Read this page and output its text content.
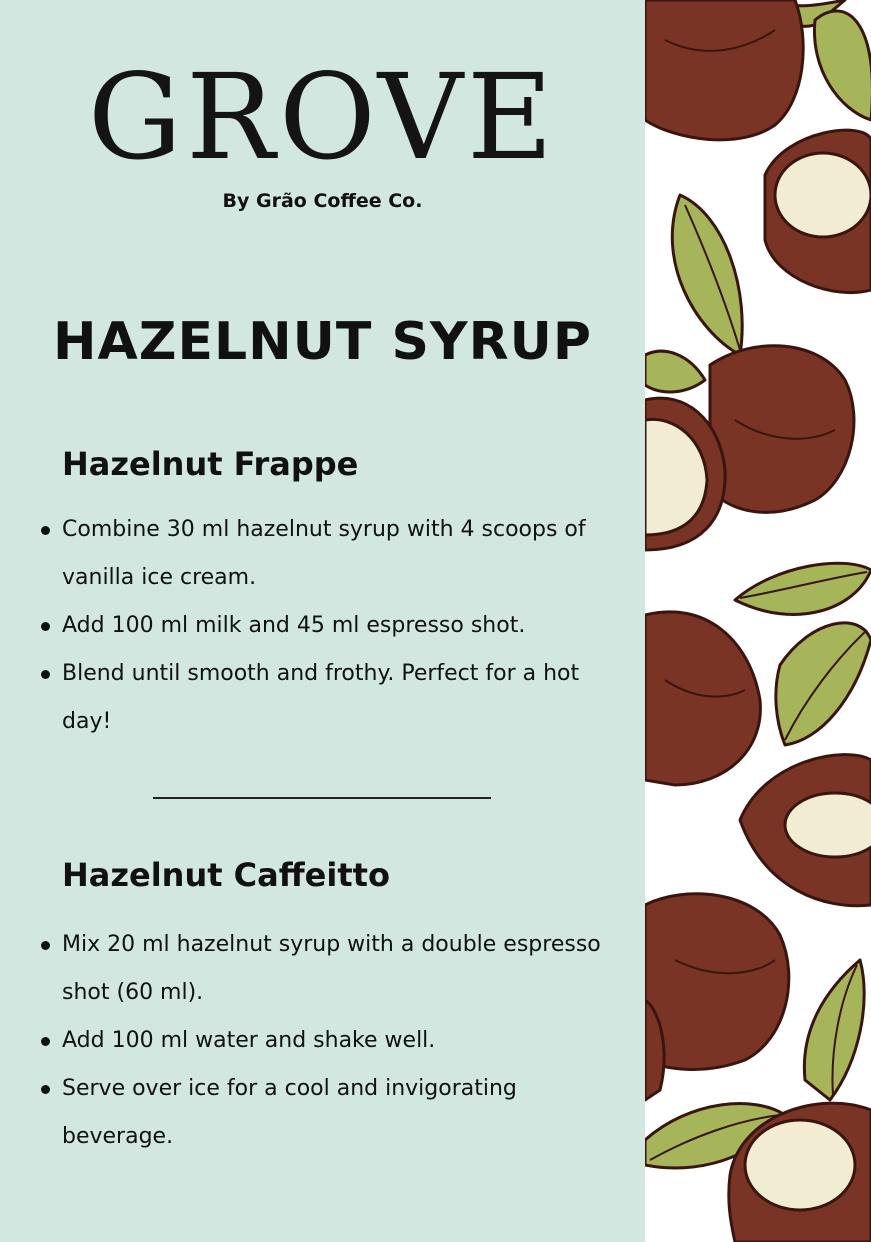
GROVE
By Grão Coffee Co.
HAZELNUT SYRUP
Hazelnut Frappe
Combine 30 ml hazelnut syrup with 4 scoops of vanilla ice cream.
Add 100 ml milk and 45 ml espresso shot.
Blend until smooth and frothy. Perfect for a hot day!
Hazelnut Caffeitto
Mix 20 ml hazelnut syrup with a double espresso shot (60 ml).
Add 100 ml water and shake well.
Serve over ice for a cool and invigorating beverage.
